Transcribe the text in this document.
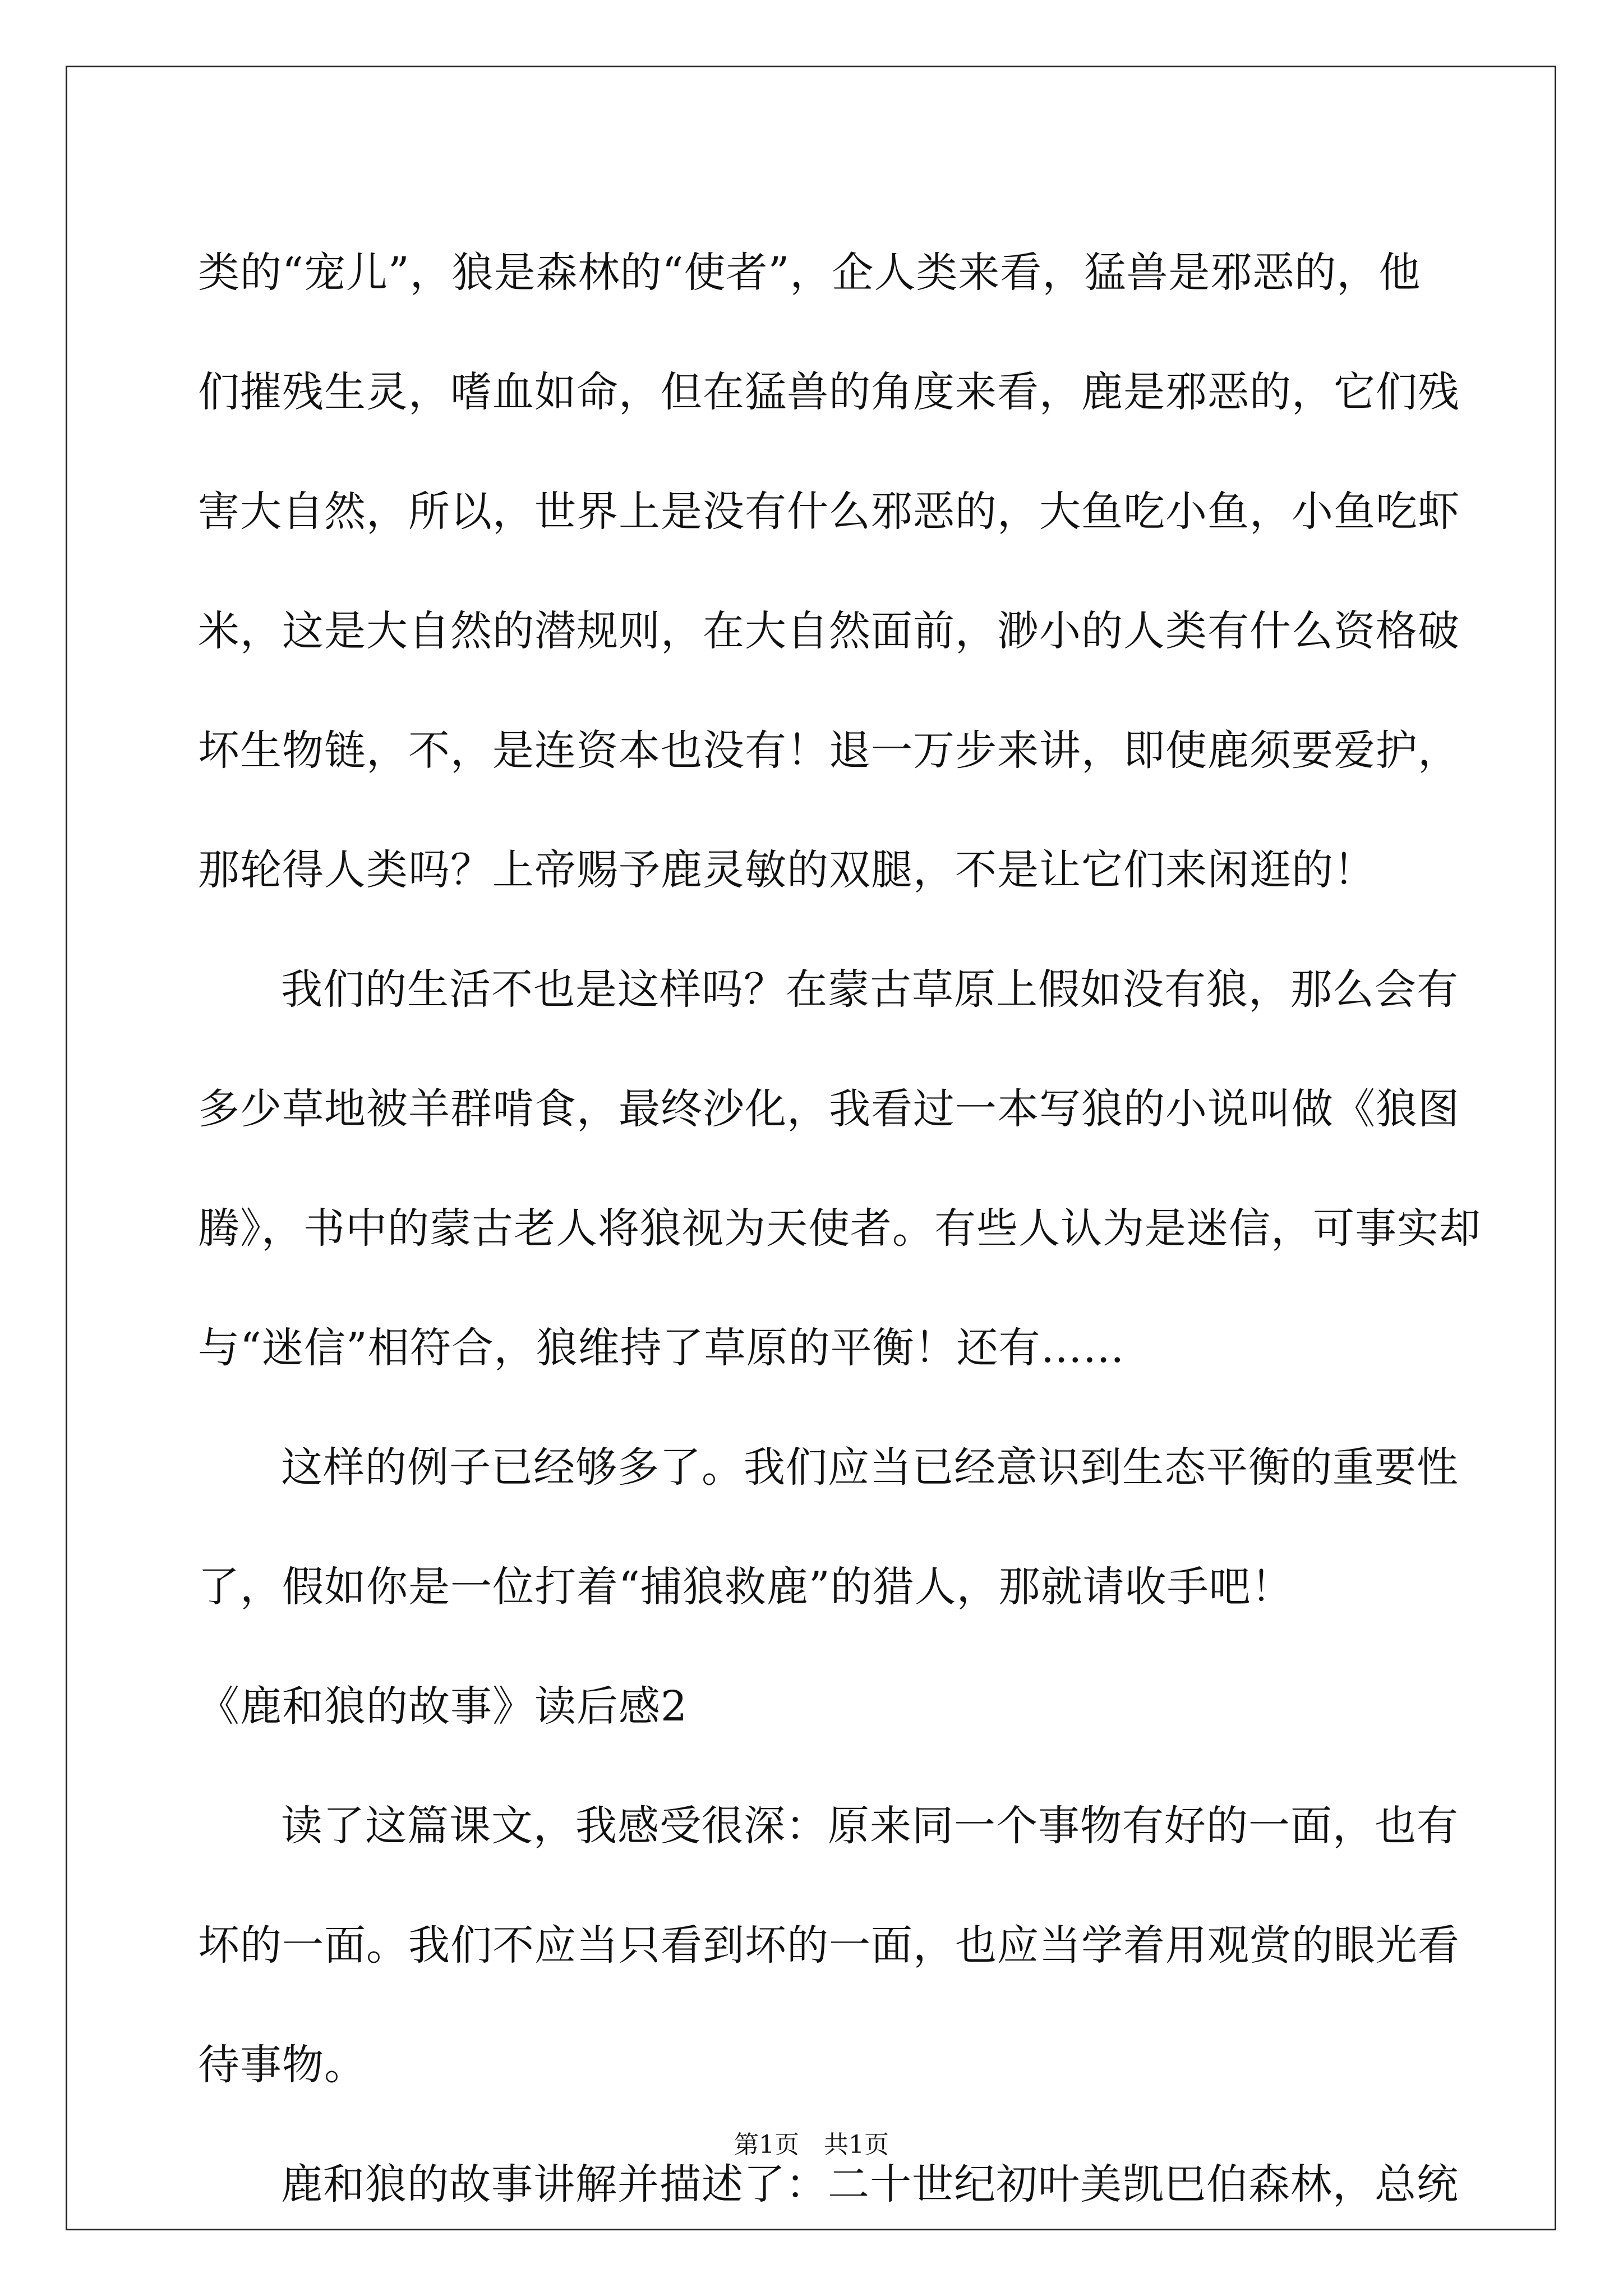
类的“宠儿”，狼是森林的“使者”，企人类来看，猛兽是邪恶的，他
们摧残生灵，嗜血如命，但在猛兽的角度来看，鹿是邪恶的，它们残
害大自然，所以，世界上是没有什么邪恶的，大鱼吃小鱼，小鱼吃虾
米，这是大自然的潜规则，在大自然面前，渺小的人类有什么资格破
坏生物链，不，是连资本也没有！退一万步来讲，即使鹿须要爱护，
那轮得人类吗？上帝赐予鹿灵敏的双腿，不是让它们来闲逛的！
我们的生活不也是这样吗？在蒙古草原上假如没有狼，那么会有
多少草地被羊群啃食，最终沙化，我看过一本写狼的小说叫做《狼图
腾》，书中的蒙古老人将狼视为天使者。有些人认为是迷信，可事实却
与“迷信”相符合，狼维持了草原的平衡！还有……
这样的例子已经够多了。我们应当已经意识到生态平衡的重要性
了，假如你是一位打着“捕狼救鹿”的猎人，那就请收手吧！
《鹿和狼的故事》读后感2
读了这篇课文，我感受很深：原来同一个事物有好的一面，也有
坏的一面。我们不应当只看到坏的一面，也应当学着用观赏的眼光看
待事物。
鹿和狼的故事讲解并描述了：二十世纪初叶美凯巴伯森林，总统
第1页　共1页
